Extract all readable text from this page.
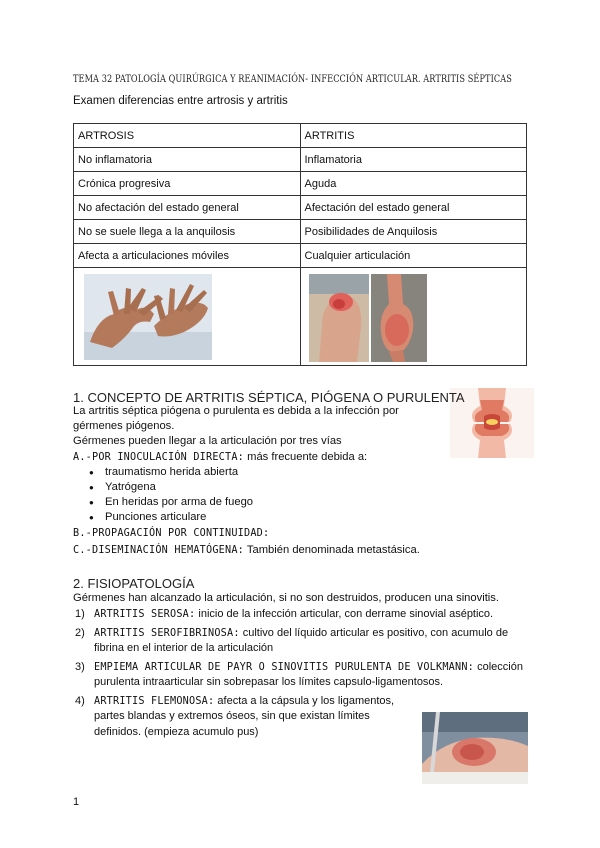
TEMA 32 PATOLOGÍA QUIRÚRGICA Y REANIMACIÓN- INFECCIÓN ARTICULAR. ARTRITIS SÉPTICAS
Examen diferencias entre artrosis y artritis
ARTROSIS	ARTRITIS
No inflamatoria	Inflamatoria
Crónica progresiva	Aguda
No afectación del estado general	Afectación del estado general
No se suele llega a la anquilosis	Posibilidades de Anquilosis
Afecta a articulaciones móviles	Cualquier articulación

1. CONCEPTO DE ARTRITIS SÉPTICA, PIÓGENA O PURULENTA
La artritis séptica piógena o purulenta es debida a la infección por
gérmenes piógenos.
Gérmenes pueden llegar a la articulación por tres vías
A.-POR INOCULACIÓN DIRECTA: más frecuente debida a:
● traumatismo herida abierta
● Yatrógena
● En heridas por arma de fuego
● Punciones articulare
B.-PROPAGACIÓN POR CONTINUIDAD:
C.-DISEMINACIÓN HEMATÓGENA: También denominada metastásica.
2. FISIOPATOLOGÍA
Gérmenes han alcanzado la articulación, si no son destruidos, producen una sinovitis.
1) ARTRITIS SEROSA: inicio de la infección articular, con derrame sinovial aséptico.
2) ARTRITIS SEROFIBRINOSA: cultivo del líquido articular es positivo, con acumulo de fibrina en el interior de la articulación
3) EMPIEMA ARTICULAR DE PAYR O SINOVITIS PURULENTA DE VOLKMANN: colección purulenta intraarticular sin sobrepasar los límites capsulo-ligamentosos.
4) ARTRITIS FLEMONOSA: afecta a la cápsula y los ligamentos, partes blandas y extremos óseos, sin que existan límites definidos. (empieza acumulo pus)
1
